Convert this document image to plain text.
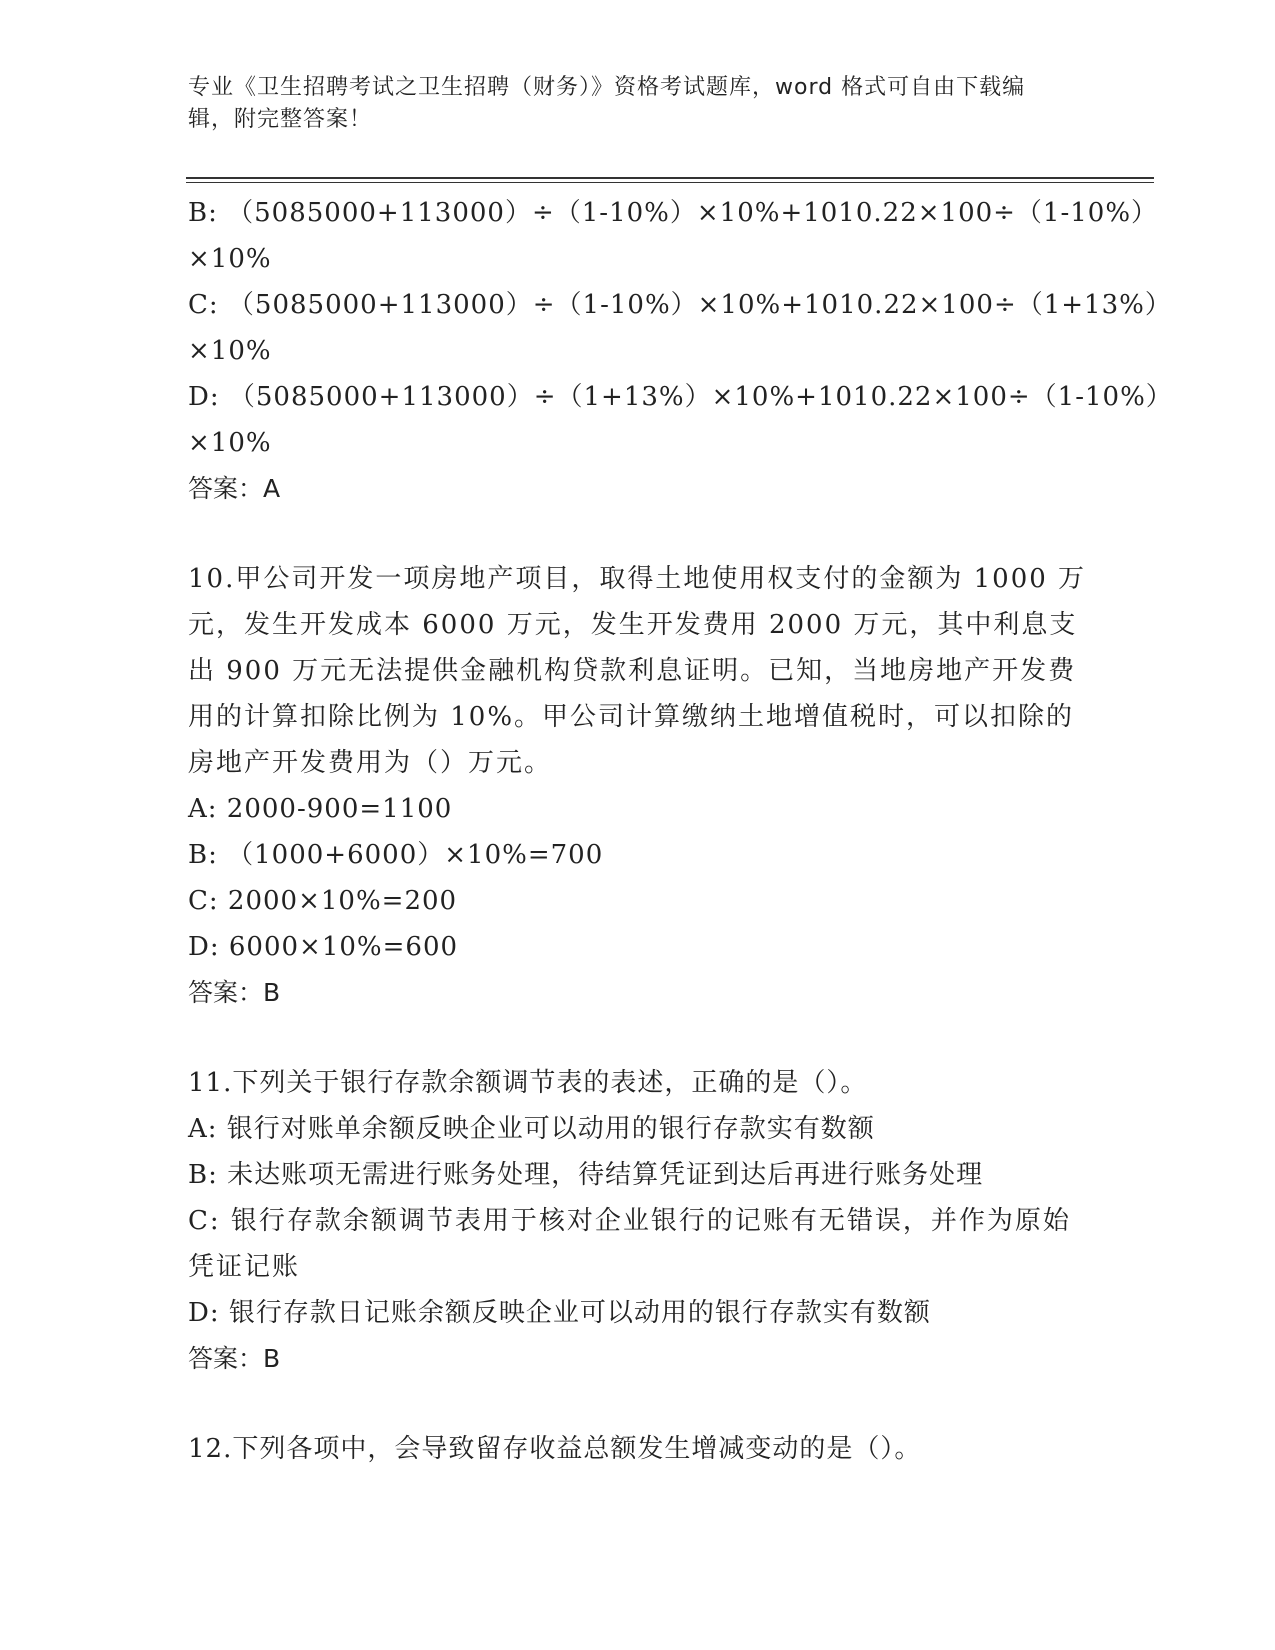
专业《卫生招聘考试之卫生招聘（财务）》资格考试题库，word 格式可自由下载编辑，附完整答案！
B: （5085000+113000）÷（1-10%）×10%+1010.22×100÷（1-10%）
×10%
C: （5085000+113000）÷（1-10%）×10%+1010.22×100÷（1+13%）
×10%
D: （5085000+113000）÷（1+13%）×10%+1010.22×100÷（1-10%）
×10%
答案：A
10.甲公司开发一项房地产项目，取得土地使用权支付的金额为 1000 万元，发生开发成本 6000 万元，发生开发费用 2000 万元，其中利息支出 900 万元无法提供金融机构贷款利息证明。已知，当地房地产开发费用的计算扣除比例为 10%。甲公司计算缴纳土地增值税时，可以扣除的房地产开发费用为（）万元。
A: 2000-900=1100
B: （1000+6000）×10%=700
C: 2000×10%=200
D: 6000×10%=600
答案：B
11.下列关于银行存款余额调节表的表述，正确的是（）。
A: 银行对账单余额反映企业可以动用的银行存款实有数额
B: 未达账项无需进行账务处理，待结算凭证到达后再进行账务处理
C: 银行存款余额调节表用于核对企业银行的记账有无错误，并作为原始凭证记账
D: 银行存款日记账余额反映企业可以动用的银行存款实有数额
答案：B
12.下列各项中，会导致留存收益总额发生增减变动的是（）。
